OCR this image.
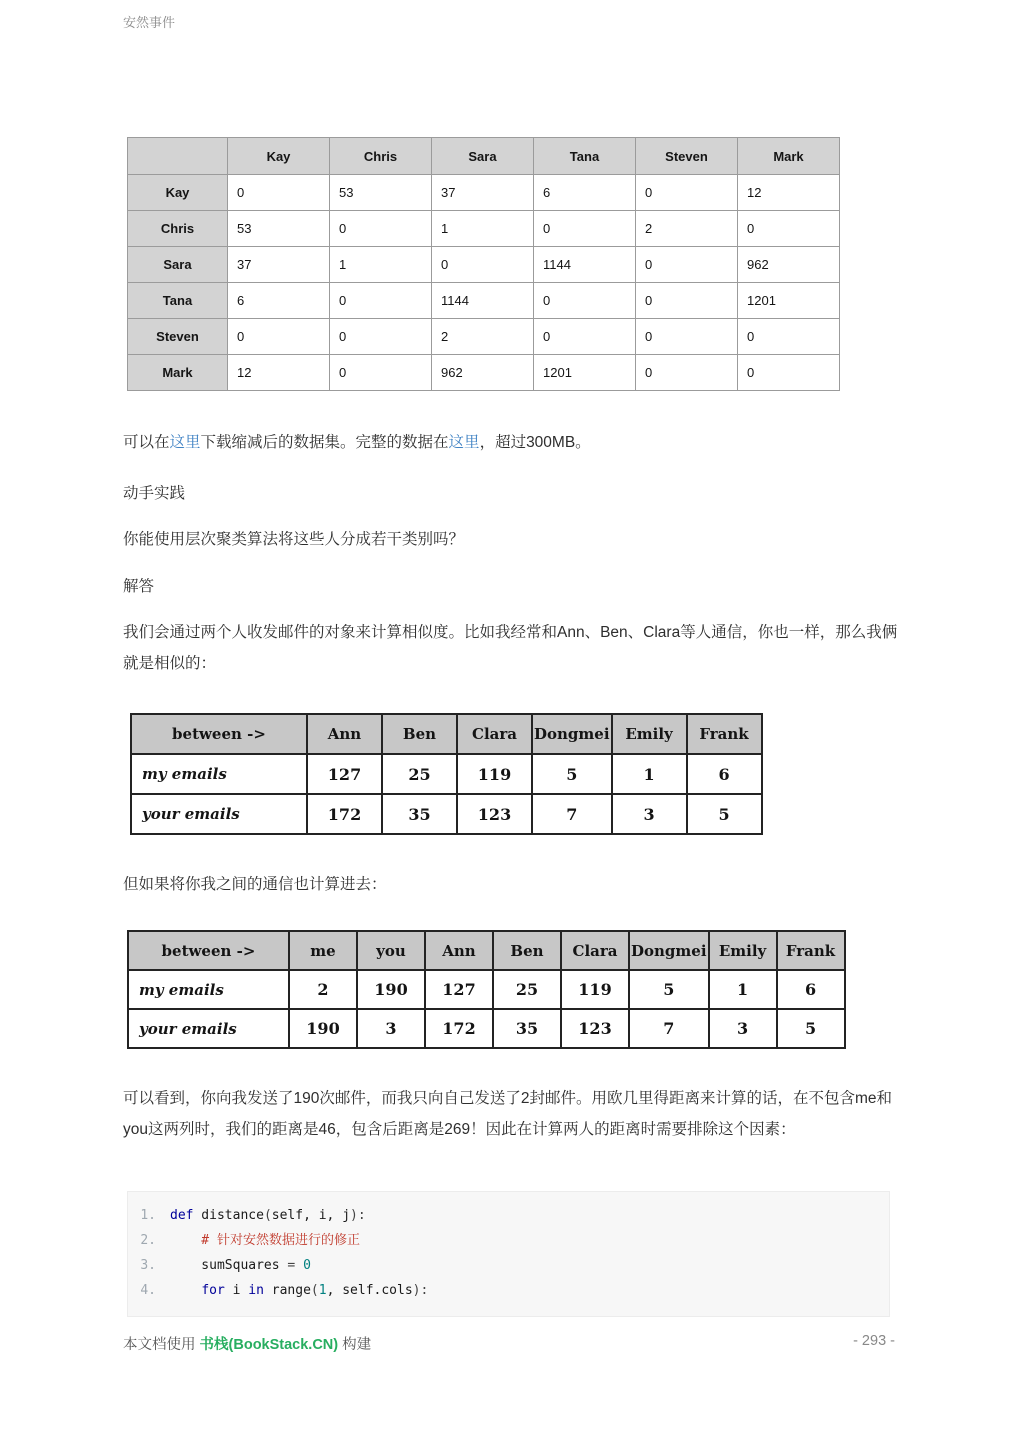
安然事件
	Kay	Chris	Sara	Tana	Steven	Mark
Kay	0	53	37	6	0	12
Chris	53	0	1	0	2	0
Sara	37	1	0	1144	0	962
Tana	6	0	1144	0	0	1201
Steven	0	0	2	0	0	0
Mark	12	0	962	1201	0	0

可以在这里下载缩减后的数据集。完整的数据在这里，超过300MB。

动手实践

你能使用层次聚类算法将这些人分成若干类别吗？

解答

我们会通过两个人收发邮件的对象来计算相似度。比如我经常和Ann、Ben、Clara等人通信，你也一样，那么我俩就是相似的：

between ->	Ann	Ben	Clara	Dongmei	Emily	Frank
my emails	127	25	119	5	1	6
your emails	172	35	123	7	3	5

但如果将你我之间的通信也计算进去：

between ->	me	you	Ann	Ben	Clara	Dongmei	Emily	Frank
my emails	2	190	127	25	119	5	1	6
your emails	190	3	172	35	123	7	3	5

可以看到，你向我发送了190次邮件，而我只向自己发送了2封邮件。用欧几里得距离来计算的话，在不包含me和you这两列时，我们的距离是46，包含后距离是269！因此在计算两人的距离时需要排除这个因素：

1.	def distance(self, i, j):
2.	# 针对安然数据进行的修正
3.	sumSquares = 0
4.	for i in range(1, self.cols):
本文档使用 书栈(BookStack.CN) 构建	- 293 -
